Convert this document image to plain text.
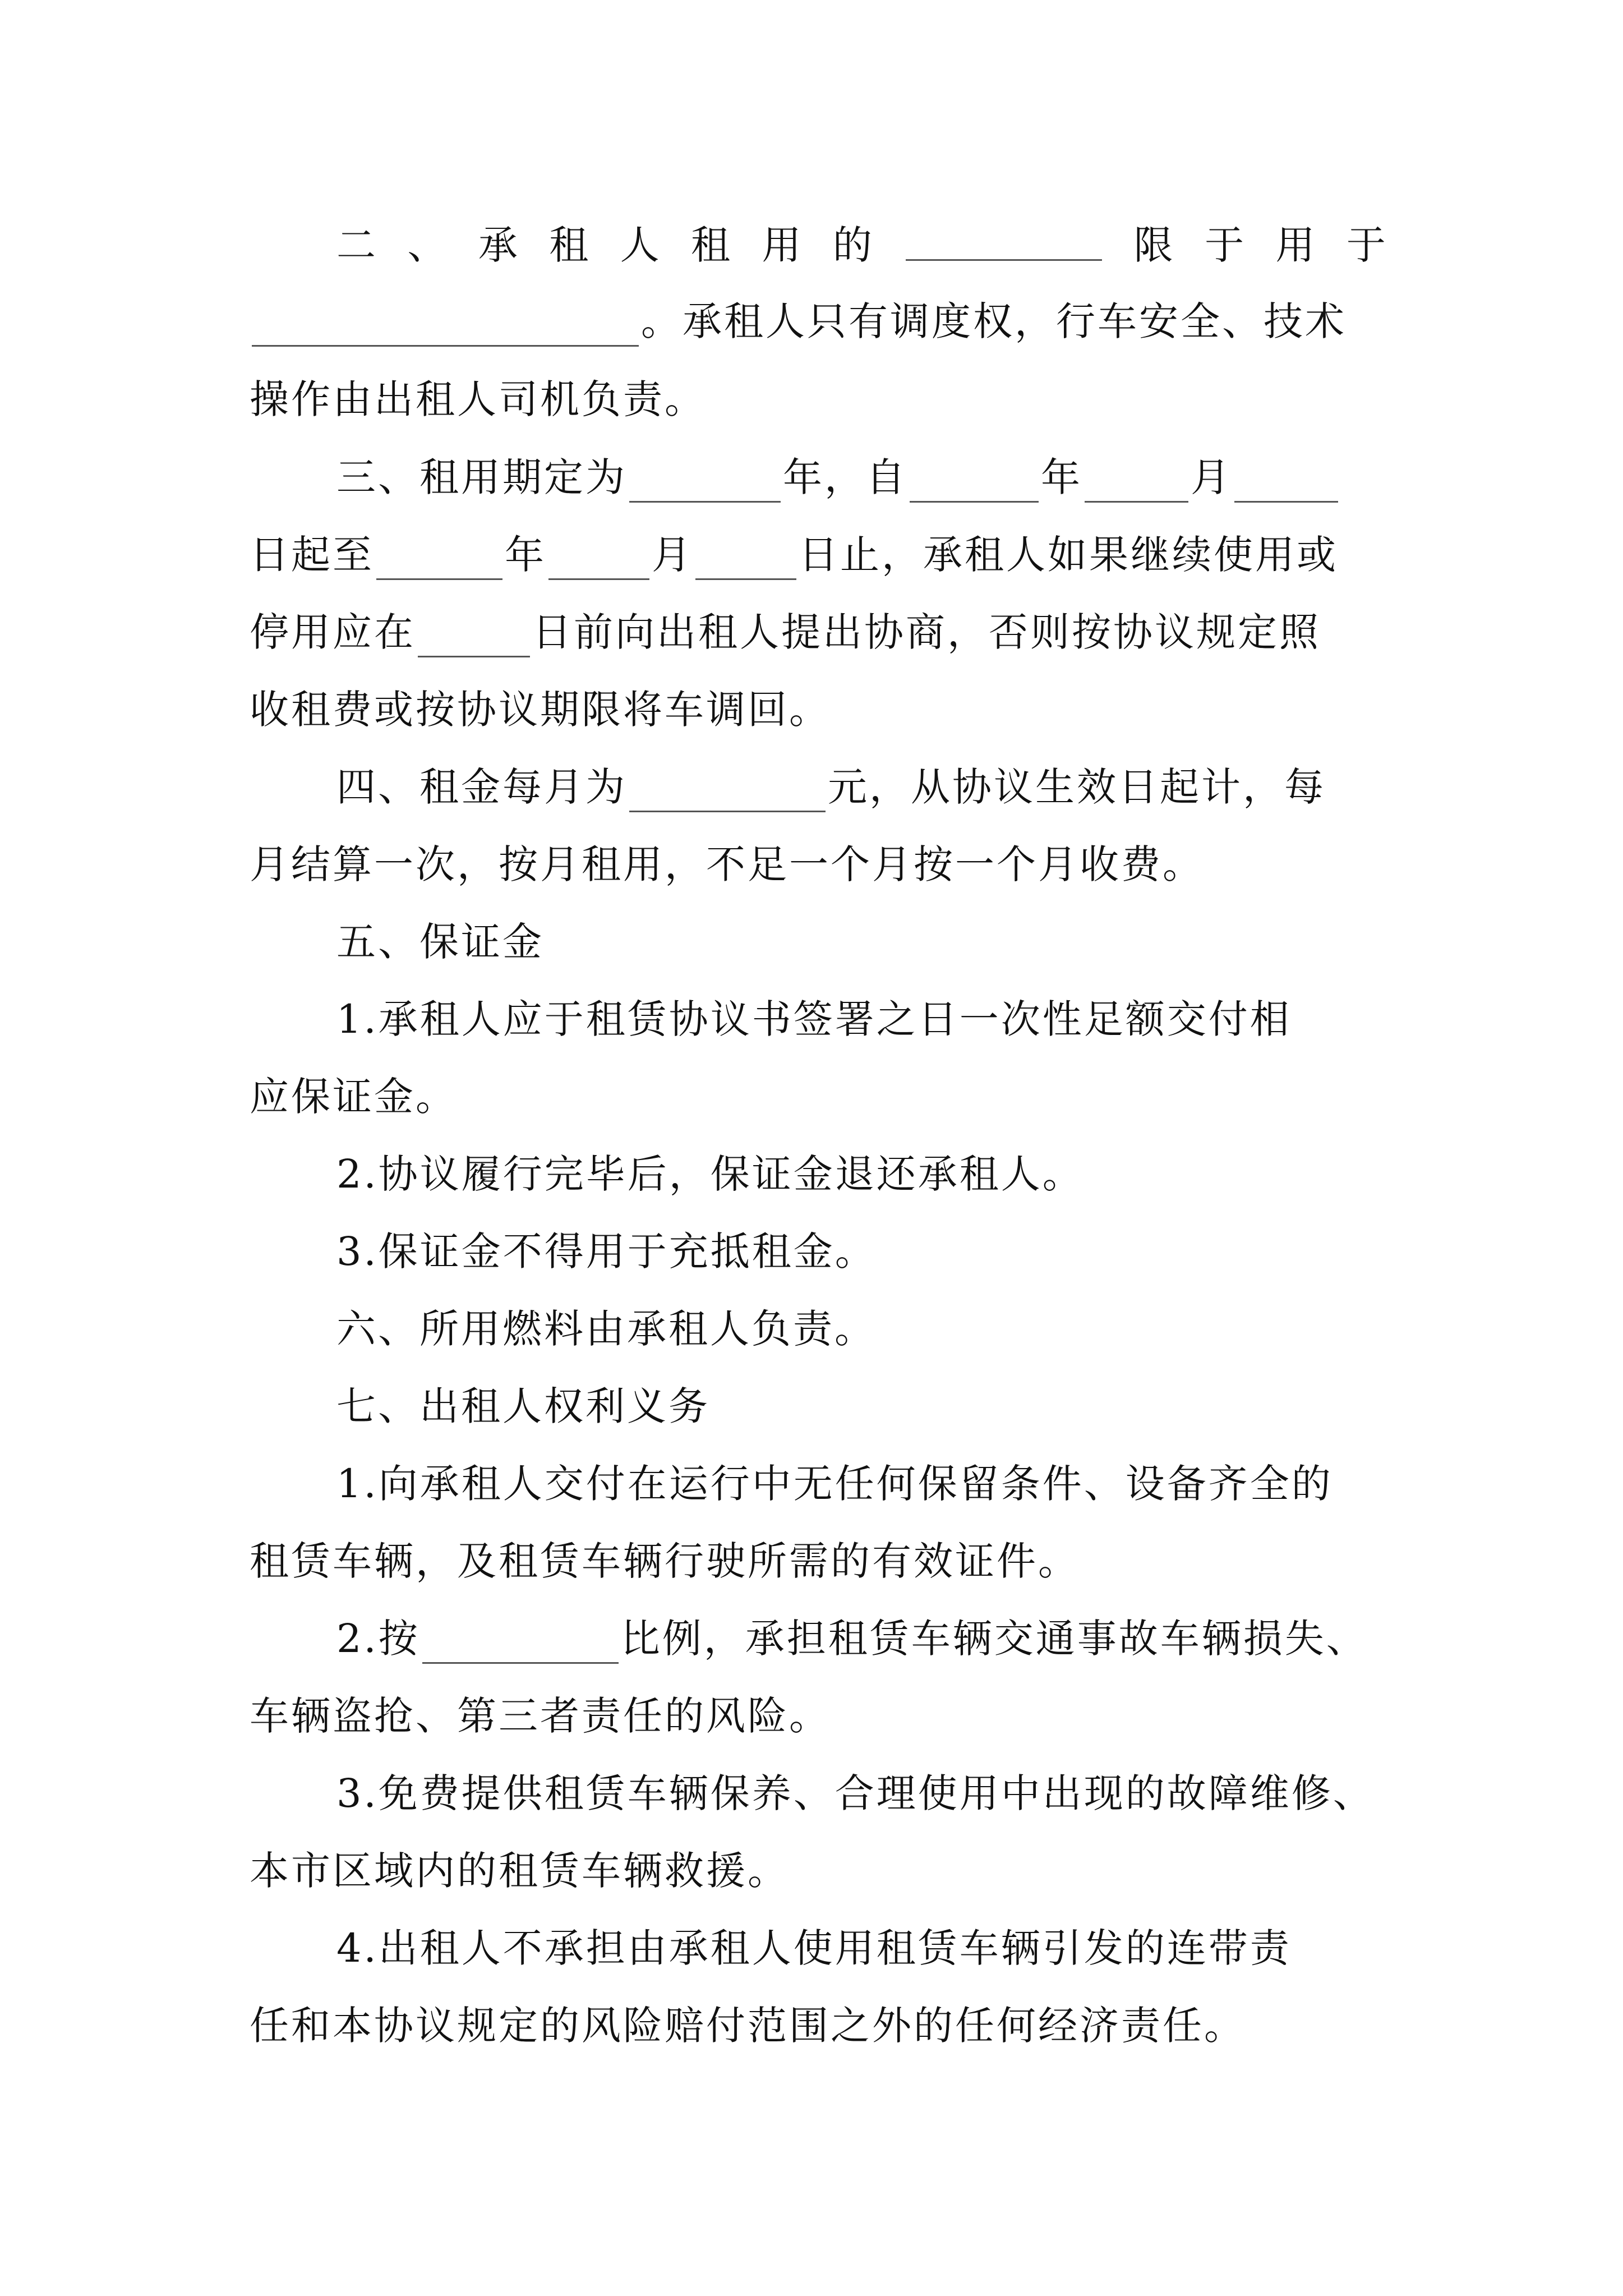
二 、 承 租 人 租 用 的	限 于 用 于
。承租人只有调度权，行车安全、技术
操作由出租人司机负责。
三、租用期定为	年，自	年	月
日起至	年	月	日止，承租人如果继续使用或
停用应在	日前向出租人提出协商，否则按协议规定照
收租费或按协议期限将车调回。
四、租金每月为	元，从协议生效日起计，每
月结算一次，按月租用，不足一个月按一个月收费。
五、保证金
1.承租人应于租赁协议书签署之日一次性足额交付相
应保证金。
2.协议履行完毕后，保证金退还承租人。
3.保证金不得用于充抵租金。
六、所用燃料由承租人负责。
七、出租人权利义务
1.向承租人交付在运行中无任何保留条件、设备齐全的
租赁车辆，及租赁车辆行驶所需的有效证件。
2.按	比例，承担租赁车辆交通事故车辆损失、
车辆盗抢、第三者责任的风险。
3.免费提供租赁车辆保养、合理使用中出现的故障维修、
本市区域内的租赁车辆救援。
4.出租人不承担由承租人使用租赁车辆引发的连带责
任和本协议规定的风险赔付范围之外的任何经济责任。
